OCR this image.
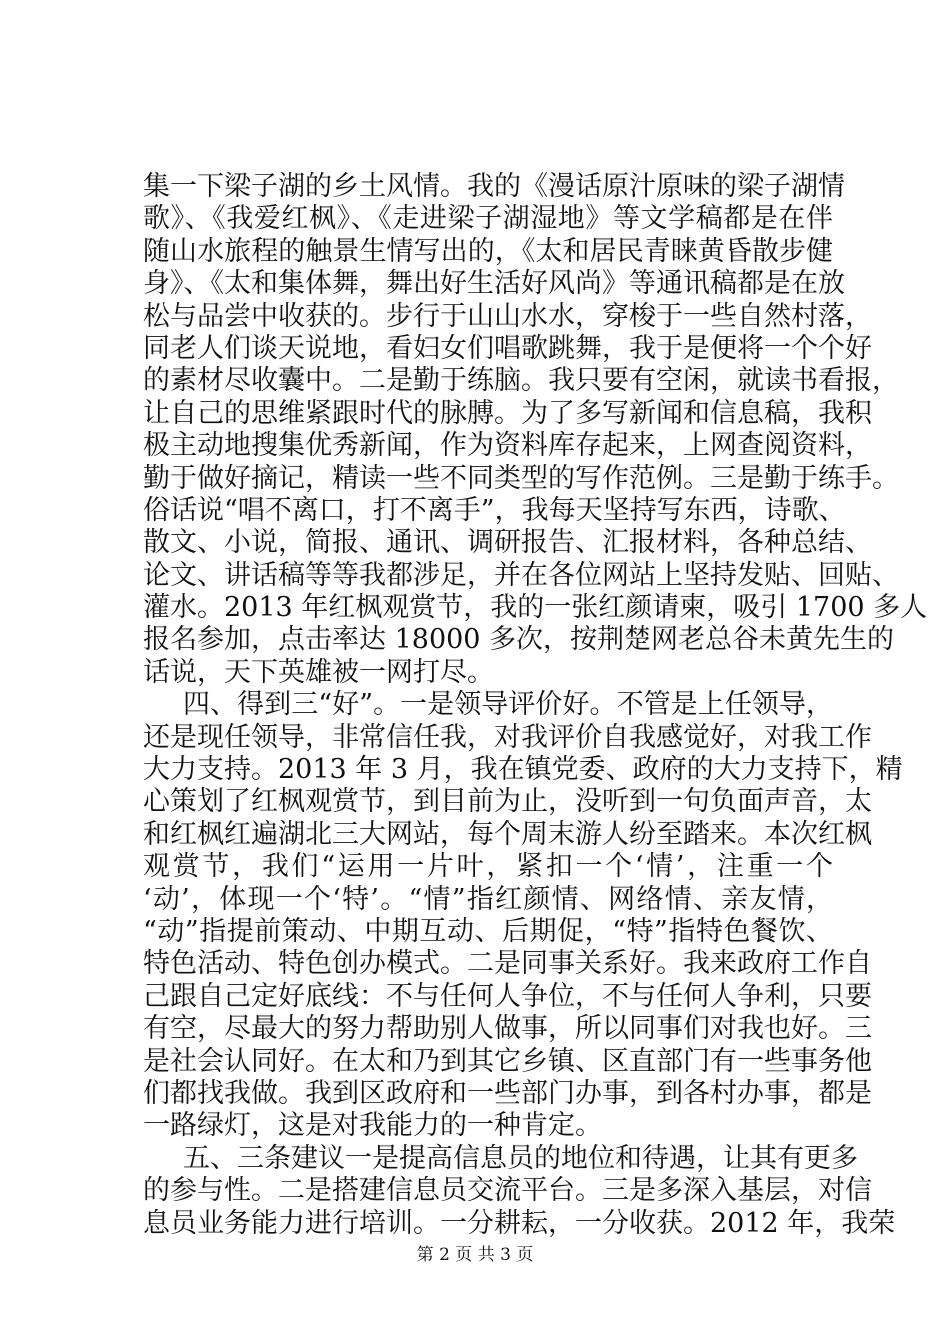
集一下梁子湖的乡土风情。我的《漫话原汁原味的梁子湖情
歌》、《我爱红枫》、《走进梁子湖湿地》等文学稿都是在伴
随山水旅程的触景生情写出的，《太和居民青睐黄昏散步健
身》、《太和集体舞，舞出好生活好风尚》等通讯稿都是在放
松与品尝中收获的。步行于山山水水，穿梭于一些自然村落，
同老人们谈天说地，看妇女们唱歌跳舞，我于是便将一个个好
的素材尽收囊中。二是勤于练脑。我只要有空闲，就读书看报，
让自己的思维紧跟时代的脉膊。为了多写新闻和信息稿，我积
极主动地搜集优秀新闻，作为资料库存起来，上网查阅资料，
勤于做好摘记，精读一些不同类型的写作范例。三是勤于练手。
俗话说“唱不离口，打不离手”，我每天坚持写东西，诗歌、
散文、小说，简报、通讯、调研报告、汇报材料，各种总结、
论文、讲话稿等等我都涉足，并在各位网站上坚持发贴、回贴、
灌水。2013 年红枫观赏节，我的一张红颜请柬，吸引 1700 多人
报名参加，点击率达 18000 多次，按荆楚网老总谷未黄先生的
话说，天下英雄被一网打尽。
四、得到三“好”。一是领导评价好。不管是上任领导，
还是现任领导，非常信任我，对我评价自我感觉好，对我工作
大力支持。2013 年 3 月，我在镇党委、政府的大力支持下，精
心策划了红枫观赏节，到目前为止，没听到一句负面声音，太
和红枫红遍湖北三大网站，每个周末游人纷至踏来。本次红枫
观赏节，我们“运用一片叶，紧扣一个‘情’，注重一个
‘动’，体现一个‘特’。“情”指红颜情、网络情、亲友情，
“动”指提前策动、中期互动、后期促，“特”指特色餐饮、
特色活动、特色创办模式。二是同事关系好。我来政府工作自
己跟自己定好底线：不与任何人争位，不与任何人争利，只要
有空，尽最大的努力帮助别人做事，所以同事们对我也好。三
是社会认同好。在太和乃到其它乡镇、区直部门有一些事务他
们都找我做。我到区政府和一些部门办事，到各村办事，都是
一路绿灯，这是对我能力的一种肯定。
五、三条建议一是提高信息员的地位和待遇，让其有更多
的参与性。二是搭建信息员交流平台。三是多深入基层，对信
息员业务能力进行培训。一分耕耘，一分收获。2012 年，我荣
第 2 页 共 3 页
